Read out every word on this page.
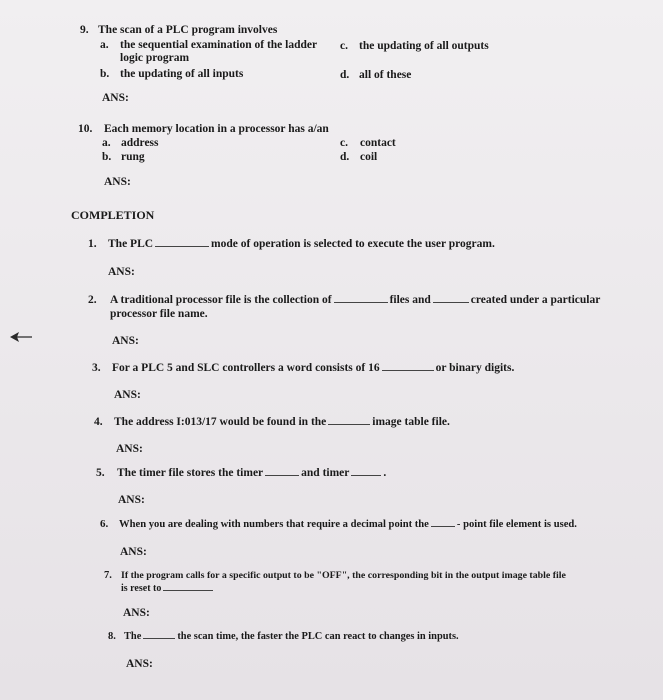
9. The scan of a PLC program involves
a. the sequential examination of the ladder
logic program
b. the updating of all inputs
c. the updating of all outputs
d. all of these
ANS:
10. Each memory location in a processor has a/an
a. address
b. rung
c. contact
d. coil
ANS:
COMPLETION
1. The PLC	mode of operation is selected to execute the user program.
ANS:
2. A traditional processor file is the collection of	files and	created under a particular
processor file name.
ANS:
3. For a PLC 5 and SLC controllers a word consists of 16	or binary digits.
ANS:
4. The address I:013/17 would be found in the	image table file.
ANS:
5. The timer file stores the timer	and timer	.
ANS:
6. When you are dealing with numbers that require a decimal point the	- point file element is used.
ANS:
7. If the program calls for a specific output to be "OFF", the corresponding bit in the output image table file
is reset to
ANS:
8. The	the scan time, the faster the PLC can react to changes in inputs.
ANS:
